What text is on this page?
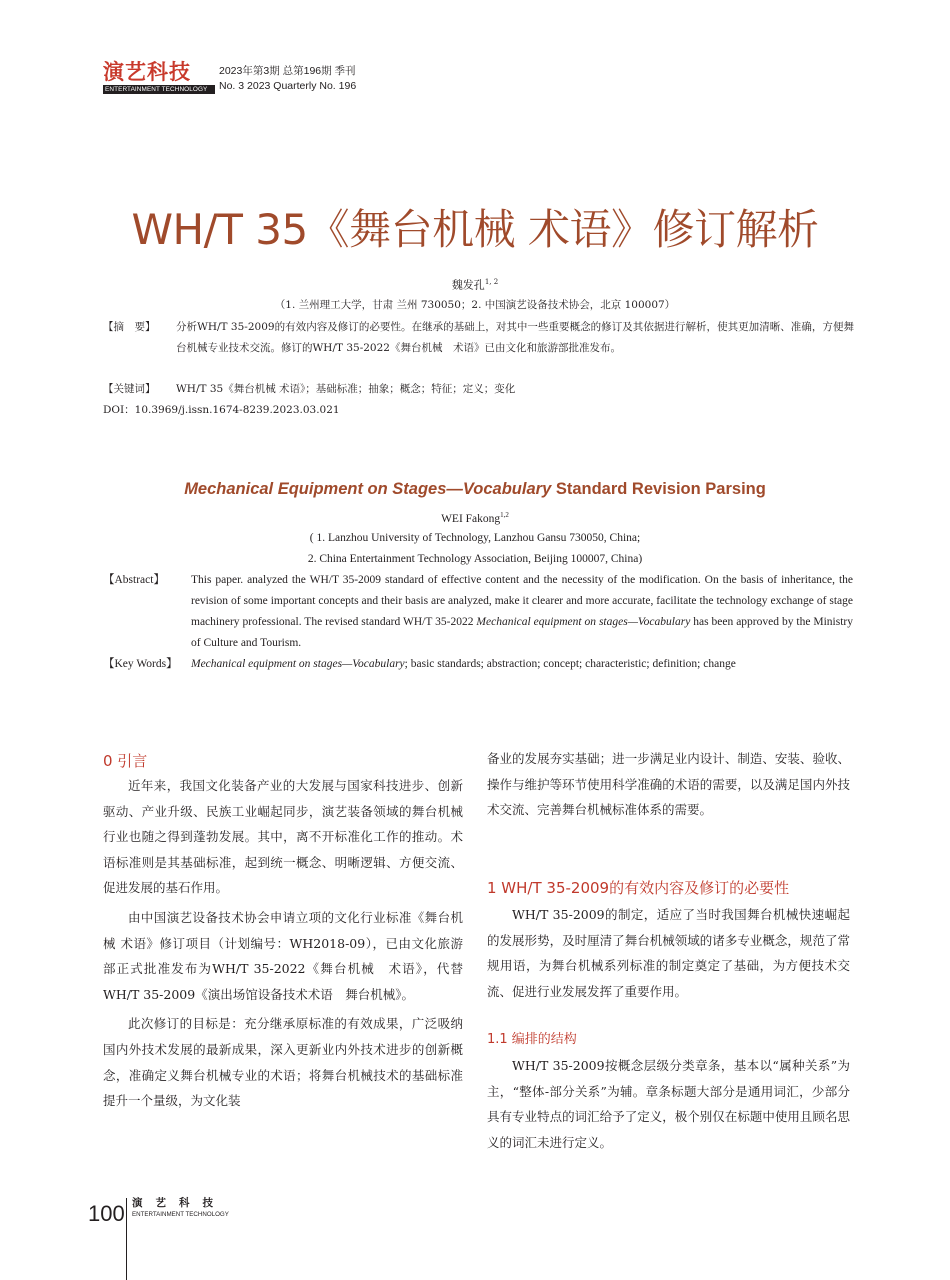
演艺科技
ENTERTAINMENT TECHNOLOGY
2023年第3期 总第196期 季刊
No. 3 2023 Quarterly No. 196
WH/T 35《舞台机械 术语》修订解析
魏发孔$^{1, 2}$
（1. 兰州理工大学，甘肃 兰州 730050；2. 中国演艺设备技术协会，北京 100007）
【摘　要】 分析WH/T 35-2009的有效内容及修订的必要性。在继承的基础上，对其中一些重要概念的修订及其依据进行解析，使其更加清晰、准确，方便舞台机械专业技术交流。修订的WH/T 35-2022《舞台机械　术语》已由文化和旅游部批准发布。
【关键词】 WH/T 35《舞台机械 术语》；基础标准；抽象；概念；特征；定义；变化
DOI：10.3969/j.issn.1674-8239.2023.03.021
Mechanical Equipment on Stages—Vocabulary Standard Revision Parsing
WEI Fakong$^{1,2}$
( 1. Lanzhou University of Technology, Lanzhou Gansu 730050, China;
2. China Entertainment Technology Association, Beijing 100007, China)
【Abstract】 This paper. analyzed the WH/T 35-2009 standard of effective content and the necessity of the modification. On the basis of inheritance, the revision of some important concepts and their basis are analyzed, make it clearer and more accurate, facilitate the technology exchange of stage machinery professional. The revised standard WH/T 35-2022 Mechanical equipment on stages—Vocabulary has been approved by the Ministry of Culture and Tourism.
【Key Words】 Mechanical equipment on stages—Vocabulary; basic standards; abstraction; concept; characteristic; definition; change
0 引言

近年来，我国文化装备产业的大发展与国家科技进步、创新驱动、产业升级、民族工业崛起同步，演艺装备领域的舞台机械行业也随之得到蓬勃发展。其中，离不开标准化工作的推动。术语标准则是其基础标准，起到统一概念、明晰逻辑、方便交流、促进发展的基石作用。

由中国演艺设备技术协会申请立项的文化行业标准《舞台机械 术语》修订项目（计划编号：WH2018-09），已由文化旅游部正式批准发布为WH/T 35-2022《舞台机械　术语》，代替WH/T 35-2009《演出场馆设备技术术语　舞台机械》。

此次修订的目标是：充分继承原标准的有效成果，广泛吸纳国内外技术发展的最新成果，深入更新业内外技术进步的创新概念，准确定义舞台机械专业的术语；将舞台机械技术的基础标准提升一个量级，为文化装

备业的发展夯实基础；进一步满足业内设计、制造、安装、验收、操作与维护等环节使用科学准确的术语的需要，以及满足国内外技术交流、完善舞台机械标准体系的需要。

1 WH/T 35-2009的有效内容及修订的必要性

WH/T 35-2009的制定，适应了当时我国舞台机械快速崛起的发展形势，及时厘清了舞台机械领域的诸多专业概念，规范了常规用语，为舞台机械系列标准的制定奠定了基础，为方便技术交流、促进行业发展发挥了重要作用。

1.1 编排的结构

WH/T 35-2009按概念层级分类章条，基本以“属种关系”为主，“整体-部分关系”为辅。章条标题大部分是通用词汇，少部分具有专业特点的词汇给予了定义，极个别仅在标题中使用且顾名思义的词汇未进行定义。

100 演艺科技
ENTERTAINMENT TECHNOLOGY
